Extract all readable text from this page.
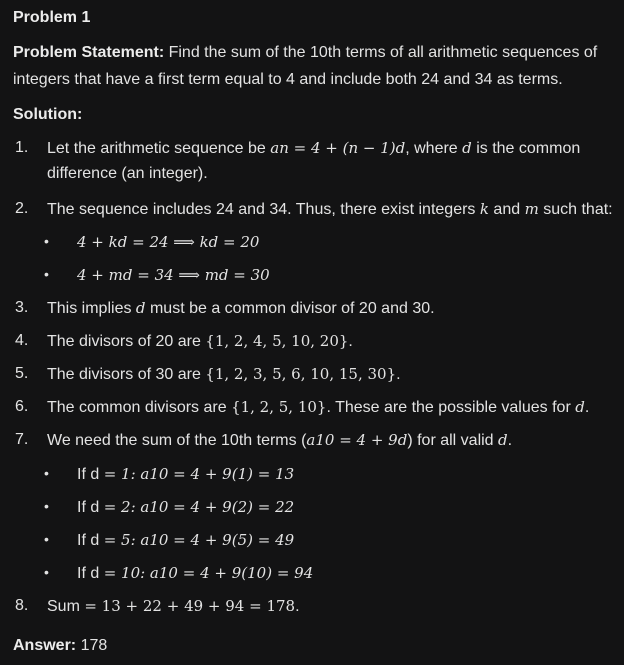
Problem 1
Problem Statement: Find the sum of the 10th terms of all arithmetic sequences of integers that have a first term equal to 4 and include both 24 and 34 as terms.
Solution:
1.	Let the arithmetic sequence be an = 4 + (n − 1)d, where d is the common
difference (an integer).
2.	The sequence includes 24 and 34. Thus, there exist integers k and m such that:
• 4 + kd = 24 ⟹ kd = 20
• 4 + md = 34 ⟹ md = 30
3.	This implies d must be a common divisor of 20 and 30.
4.	The divisors of 20 are {1, 2, 4, 5, 10, 20}.
5.	The divisors of 30 are {1, 2, 3, 5, 6, 10, 15, 30}.
6.	The common divisors are {1, 2, 5, 10}. These are the possible values for d.
7.	We need the sum of the 10th terms (a10 = 4 + 9d) for all valid d.
• If d = 1: a10 = 4 + 9(1) = 13
• If d = 2: a10 = 4 + 9(2) = 22
• If d = 5: a10 = 4 + 9(5) = 49
• If d = 10: a10 = 4 + 9(10) = 94
8.	Sum = 13 + 22 + 49 + 94 = 178.
Answer: 178
